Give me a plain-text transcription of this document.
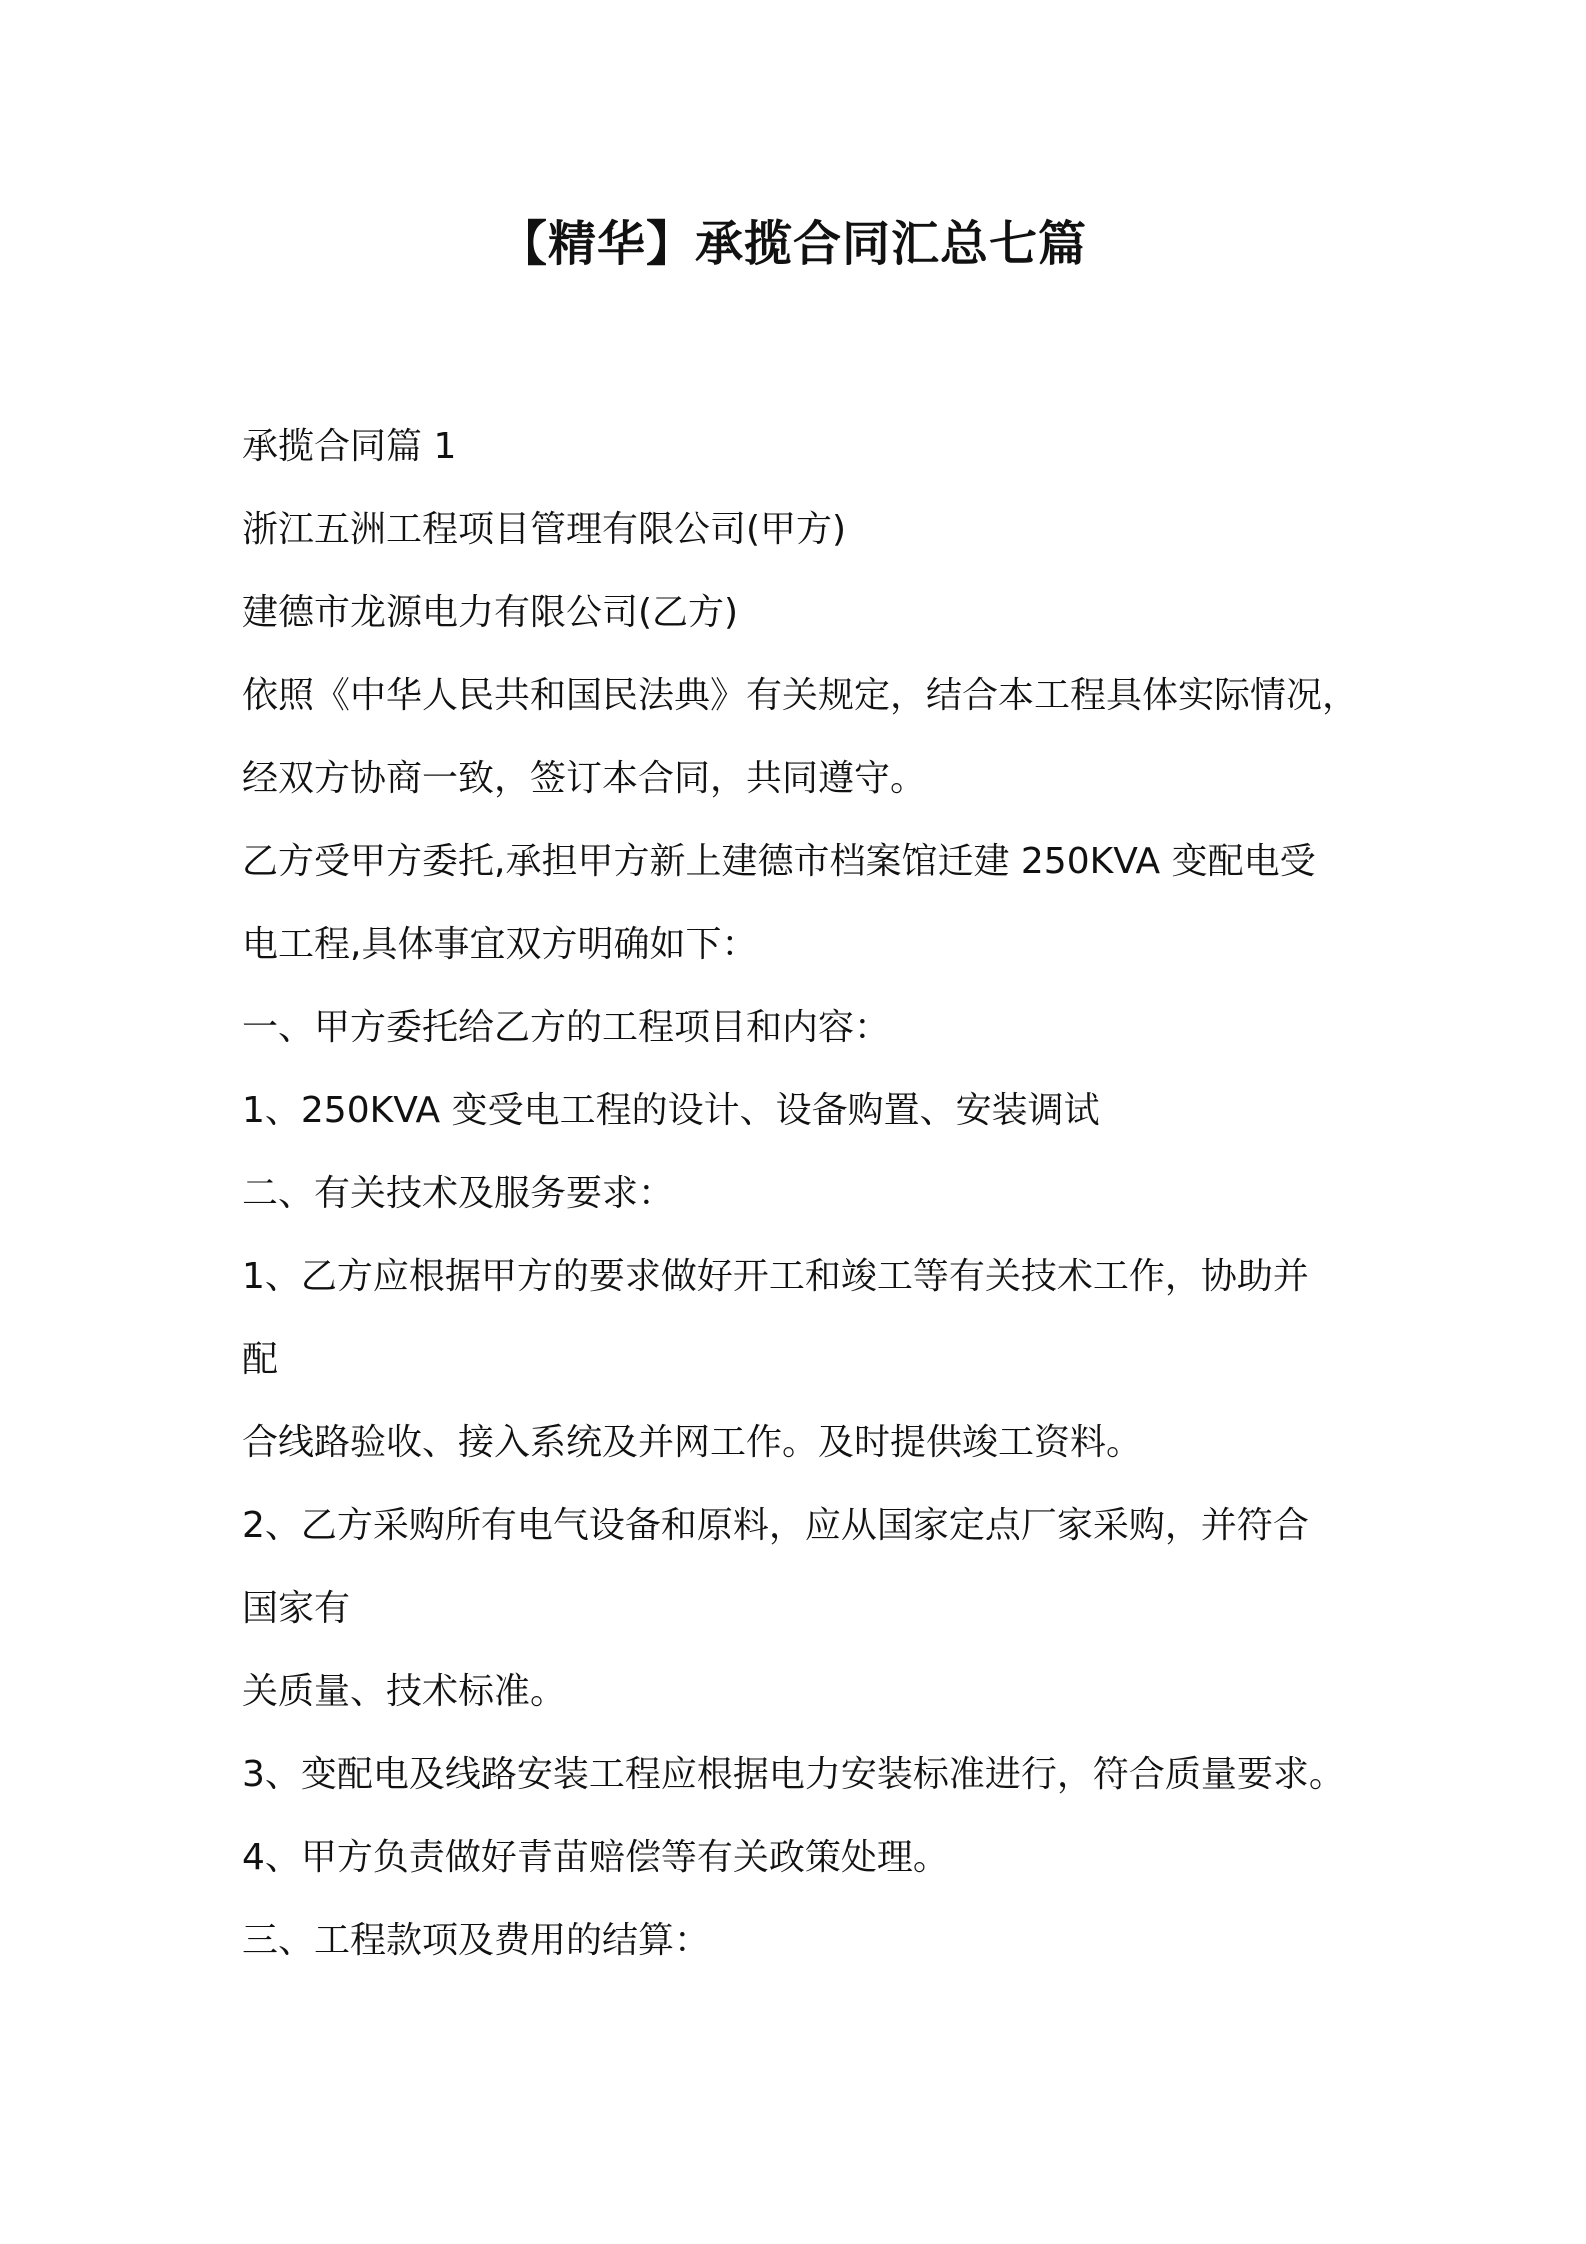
【精华】承揽合同汇总七篇
承揽合同篇 1
浙江五洲工程项目管理有限公司(甲方)
建德市龙源电力有限公司(乙方)
依照《中华人民共和国民法典》有关规定，结合本工程具体实际情况，
经双方协商一致，签订本合同，共同遵守。
乙方受甲方委托,承担甲方新上建德市档案馆迁建 250KVA 变配电受
电工程,具体事宜双方明确如下：
一、甲方委托给乙方的工程项目和内容：
1、250KVA 变受电工程的设计、设备购置、安装调试
二、有关技术及服务要求：
1、乙方应根据甲方的要求做好开工和竣工等有关技术工作，协助并
配
合线路验收、接入系统及并网工作。及时提供竣工资料。
2、乙方采购所有电气设备和原料，应从国家定点厂家采购，并符合
国家有
关质量、技术标准。
3、变配电及线路安装工程应根据电力安装标准进行，符合质量要求。
4、甲方负责做好青苗赔偿等有关政策处理。
三、工程款项及费用的结算：
